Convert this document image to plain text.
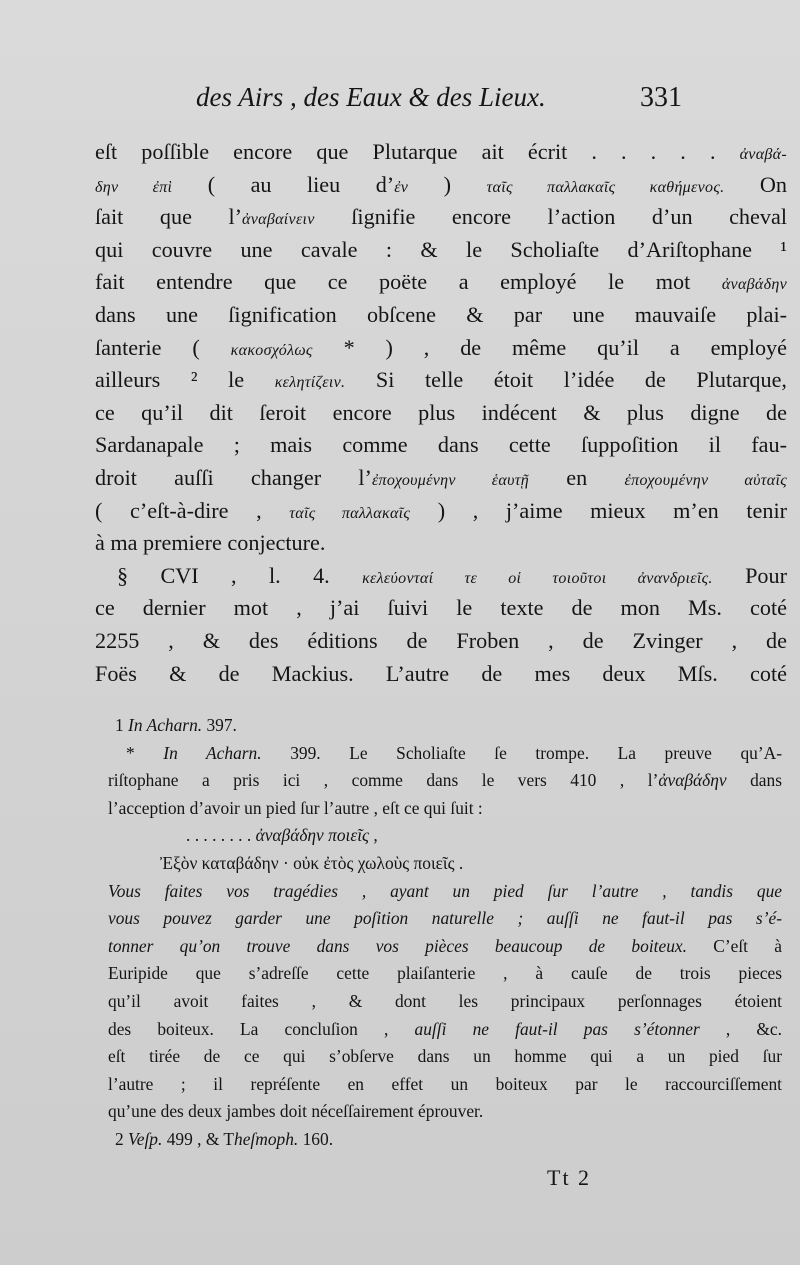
des Airs , des Eaux & des Lieux.	331
eſt poſſible encore que Plutarque ait écrit . . . . . ἀναβά-
δην ἐπὶ ( au lieu d’ἐν ) ταῖς παλλακαῖς καθήμενος. On
ſait que l’ἀναβαίνειν ſignifie encore l’action d’un cheval
qui couvre une cavale : & le Scholiaſte d’Ariſtophane ¹
fait entendre que ce poëte a employé le mot ἀναβάδην
dans une ſignification obſcene & par une mauvaiſe plai-
ſanterie ( κακοσχόλως * ) , de même qu’il a employé
ailleurs ² le κελητίζειν. Si telle étoit l’idée de Plutarque,
ce qu’il dit ſeroit encore plus indécent & plus digne de
Sardanapale ; mais comme dans cette ſuppoſition il fau-
droit auſſi changer l’ἐποχουμένην ἑαυτῇ en ἐποχουμένην αὐταῖς
( c’eſt-à-dire , ταῖς παλλακαῖς ) , j’aime mieux m’en tenir
à ma premiere conjecture.
§ CVI , l. 4. κελεύονταί τε οἱ τοιοῦτοι ἀνανδριεῖς. Pour
ce dernier mot , j’ai ſuivi le texte de mon Ms. coté
2255 , & des éditions de Froben , de Zvinger , de
Foës & de Mackius. L’autre de mes deux Mſs. coté
1 In Acharn. 397.
* In Acharn. 399. Le Scholiaſte ſe trompe. La preuve qu’A-
riſtophane a pris ici , comme dans le vers 410 , l’ἀναβάδην dans
l’acception d’avoir un pied ſur l’autre , eſt ce qui ſuit :
. . . . . . . . ἀναβάδην ποιεῖς ,
Ἐξὸν καταβάδην · οὐκ ἐτὸς χωλοὺς ποιεῖς .
Vous faites vos tragédies , ayant un pied ſur l’autre , tandis que
vous pouvez garder une poſition naturelle ; auſſi ne faut-il pas s’é-
tonner qu’on trouve dans vos pièces beaucoup de boiteux. C’eſt à
Euripide que s’adreſſe cette plaiſanterie , à cauſe de trois pieces
qu’il avoit faites , & dont les principaux perſonnages étoient
des boiteux. La concluſion , auſſi ne faut-il pas s’étonner , &c.
eſt tirée de ce qui s’obſerve dans un homme qui a un pied ſur
l’autre ; il repréſente en effet un boiteux par le raccourciſſement
qu’une des deux jambes doit néceſſairement éprouver.
2 Veſp. 499 , & Theſmoph. 160.
Tt 2
